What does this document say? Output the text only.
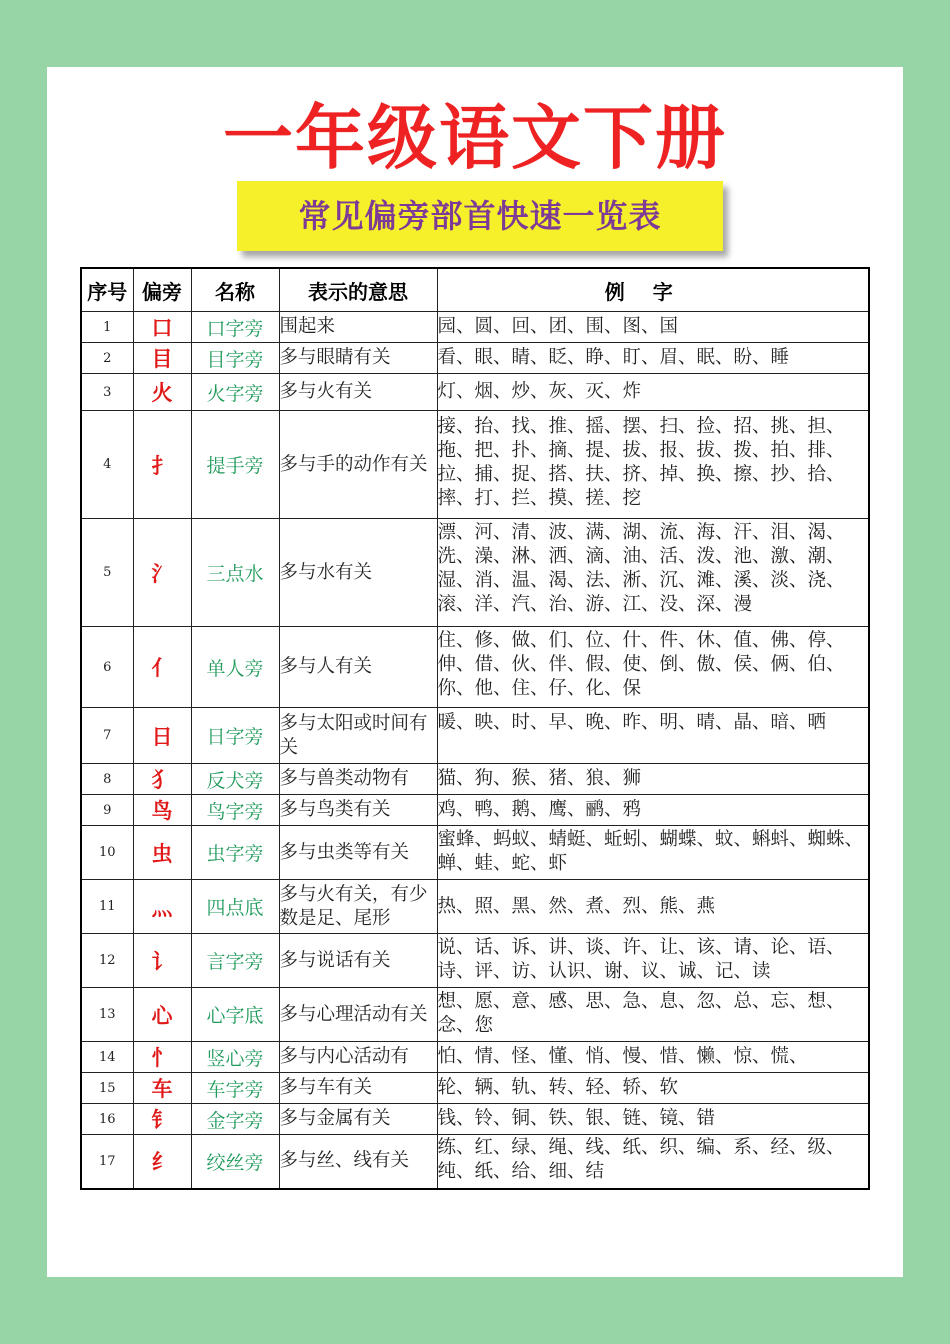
一年级语文下册
常见偏旁部首快速一览表
序号	偏旁	名称	表示的意思	例字
1	口	口字旁	围起来	园、圆、回、团、围、图、国

2	目	目字旁	多与眼睛有关	看、眼、睛、眨、睁、盯、眉、眠、盼、睡

3	火	火字旁	多与火有关	灯、烟、炒、灰、灭、炸

4	扌	提手旁	多与手的动作有关	接、抬、找、推、摇、摆、扫、捡、招、挑、担、拖、把、扑、摘、提、拔、报、拔、拨、拍、排、拉、捕、捉、搭、扶、挤、掉、换、擦、抄、拾、摔、打、拦、摸、搓、挖

5	氵	三点水	多与水有关	漂、河、清、波、满、湖、流、海、汗、泪、渴、洗、澡、淋、洒、滴、油、活、泼、池、激、潮、湿、消、温、渴、法、淅、沉、滩、溪、淡、浇、滚、洋、汽、治、游、江、没、深、漫

6	亻	单人旁	多与人有关	住、修、做、们、位、什、件、休、值、佛、停、伸、借、伙、伴、假、使、倒、傲、侯、俩、伯、你、他、住、仔、化、保

7	日	日字旁	多与太阳或时间有关	暖、映、时、早、晚、昨、明、晴、晶、暗、晒

8	犭	反犬旁	多与兽类动物有	猫、狗、猴、猪、狼、狮

9	鸟	鸟字旁	多与鸟类有关	鸡、鸭、鹅、鹰、鹂、鸦

10	虫	虫字旁	多与虫类等有关	蜜蜂、蚂蚁、蜻蜓、蚯蚓、蝴蝶、蚊、蝌蚪、蜘蛛、蝉、蛙、蛇、虾

11	灬	四点底	多与火有关，有少数是足、尾形	热、照、黑、然、煮、烈、熊、燕

12	讠	言字旁	多与说话有关	说、话、诉、讲、谈、许、让、该、请、论、语、诗、评、访、认识、谢、议、诚、记、读

13	心	心字底	多与心理活动有关	想、愿、意、感、思、急、息、忽、总、忘、想、念、您

14	忄	竖心旁	多与内心活动有	怕、情、怪、懂、悄、慢、惜、懒、惊、慌、

15	车	车字旁	多与车有关	轮、辆、轨、转、轻、轿、软

16	钅	金字旁	多与金属有关	钱、铃、铜、铁、银、链、镜、错

17	纟	绞丝旁	多与丝、线有关	练、红、绿、绳、线、纸、织、编、系、经、级、纯、纸、给、细、结
